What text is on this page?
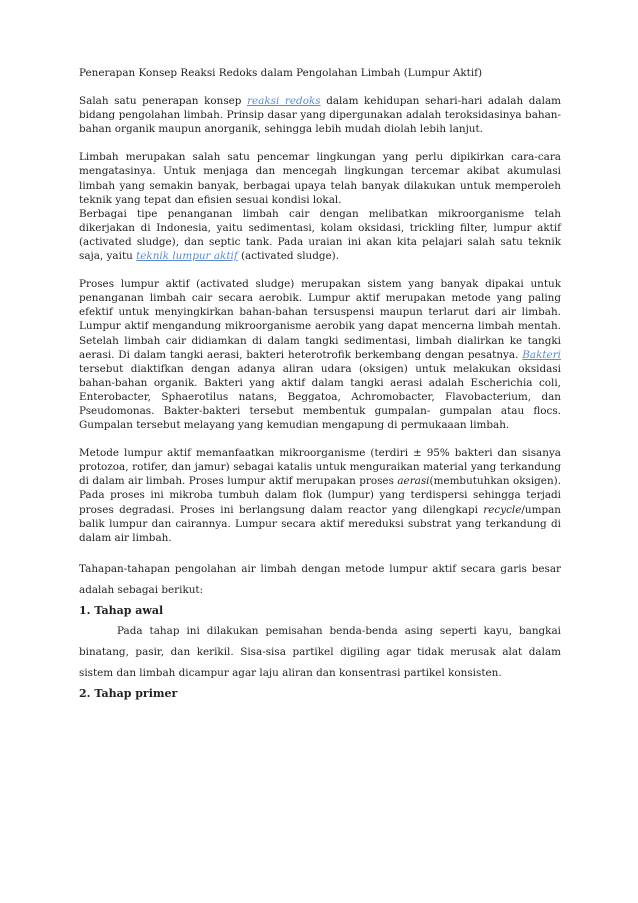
Penerapan Konsep Reaksi Redoks dalam Pengolahan Limbah (Lumpur Aktif)

Salah satu penerapan konsep reaksi redoks dalam kehidupan sehari-hari adalah dalam bidang pengolahan limbah. Prinsip dasar yang dipergunakan adalah teroksidasinya bahan-bahan organik maupun anorganik, sehingga lebih mudah diolah lebih lanjut.

Limbah merupakan salah satu pencemar lingkungan yang perlu dipikirkan cara-cara mengatasinya. Untuk menjaga dan mencegah lingkungan tercemar akibat akumulasi limbah yang semakin banyak, berbagai upaya telah banyak dilakukan untuk memperoleh teknik yang tepat dan efisien sesuai kondisi lokal.

Berbagai tipe penanganan limbah cair dengan melibatkan mikroorganisme telah dikerjakan di Indonesia, yaitu sedimentasi, kolam oksidasi, trickling filter, lumpur aktif (activated sludge), dan septic tank. Pada uraian ini akan kita pelajari salah satu teknik saja, yaitu teknik lumpur aktif (activated sludge).

Proses lumpur aktif (activated sludge) merupakan sistem yang banyak dipakai untuk penanganan limbah cair secara aerobik. Lumpur aktif merupakan metode yang paling efektif untuk menyingkirkan bahan-bahan tersuspensi maupun terlarut dari air limbah. Lumpur aktif mengandung mikroorganisme aerobik yang dapat mencerna limbah mentah. Setelah limbah cair didiamkan di dalam tangki sedimentasi, limbah dialirkan ke tangki aerasi. Di dalam tangki aerasi, bakteri heterotrofik berkembang dengan pesatnya. Bakteri tersebut diaktifkan dengan adanya aliran udara (oksigen) untuk melakukan oksidasi bahan-bahan organik. Bakteri yang aktif dalam tangki aerasi adalah Escherichia coli, Enterobacter, Sphaerotilus natans, Beggatoa, Achromobacter, Flavobacterium, dan Pseudomonas. Bakter-bakteri tersebut membentuk gumpalan- gumpalan atau flocs. Gumpalan tersebut melayang yang kemudian mengapung di permukaaan limbah.

Metode lumpur aktif memanfaatkan mikroorganisme (terdiri ± 95% bakteri dan sisanya protozoa, rotifer, dan jamur) sebagai katalis untuk menguraikan material yang terkandung di dalam air limbah. Proses lumpur aktif merupakan proses aerasi(membutuhkan oksigen). Pada proses ini mikroba tumbuh dalam flok (lumpur) yang terdispersi sehingga terjadi proses degradasi. Proses ini berlangsung dalam reactor yang dilengkapi recycle/umpan balik lumpur dan cairannya. Lumpur secara aktif mereduksi substrat yang terkandung di dalam air limbah.

Tahapan-tahapan pengolahan air limbah dengan metode lumpur aktif secara garis besar adalah sebagai berikut:

1. Tahap awal

Pada tahap ini dilakukan pemisahan benda-benda asing seperti kayu, bangkai binatang, pasir, dan kerikil. Sisa-sisa partikel digiling agar tidak merusak alat dalam sistem dan limbah dicampur agar laju aliran dan konsentrasi partikel konsisten.

2. Tahap primer
